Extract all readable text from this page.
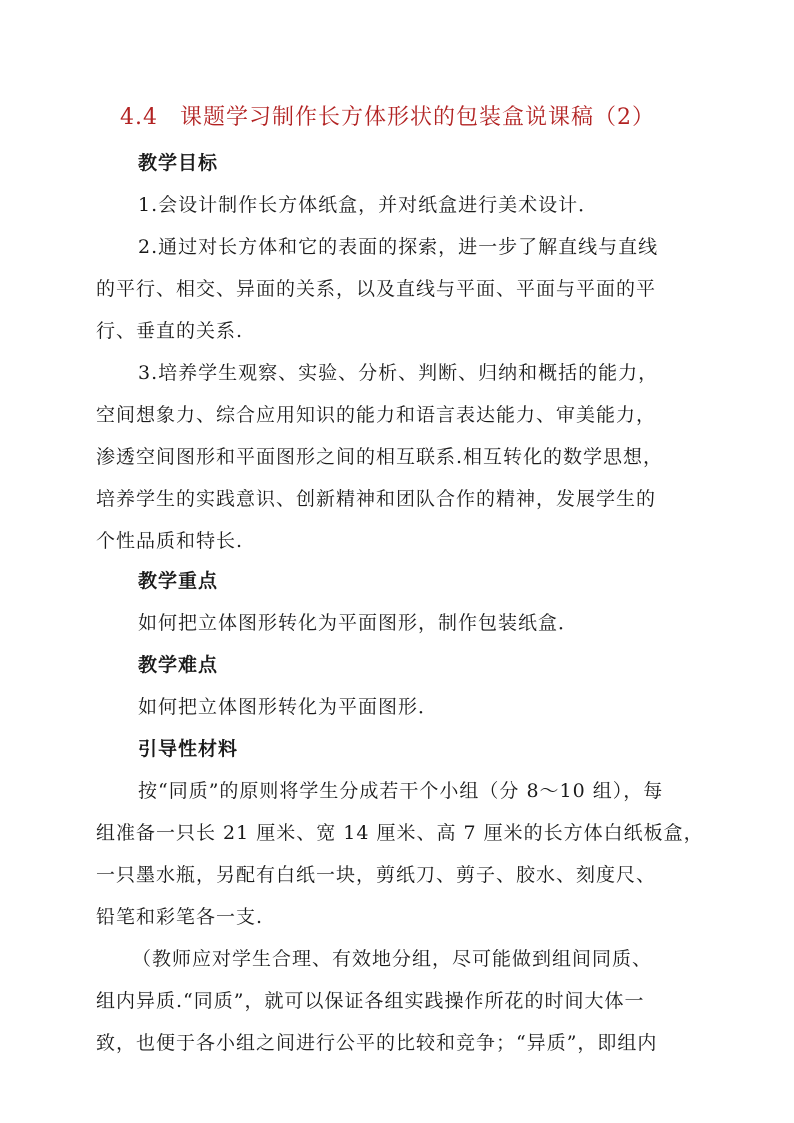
4.4 课题学习制作长方体形状的包装盒说课稿（2）
教学目标
1.会设计制作长方体纸盒，并对纸盒进行美术设计．
2.通过对长方体和它的表面的探索，进一步了解直线与直线
的平行、相交、异面的关系，以及直线与平面、平面与平面的平
行、垂直的关系.
3.培养学生观察、实验、分析、判断、归纳和概括的能力，
空间想象力、综合应用知识的能力和语言表达能力、审美能力，
渗透空间图形和平面图形之间的相互联系.相互转化的数学思想，
培养学生的实践意识、创新精神和团队合作的精神，发展学生的
个性品质和特长.
教学重点
如何把立体图形转化为平面图形，制作包装纸盒．
教学难点
如何把立体图形转化为平面图形．
引导性材料
按“同质”的原则将学生分成若干个小组（分 8～10 组），每
组准备一只长 21 厘米、宽 14 厘米、高 7 厘米的长方体白纸板盒，
一只墨水瓶，另配有白纸一块，剪纸刀、剪子、胶水、刻度尺、
铅笔和彩笔各一支.
（教师应对学生合理、有效地分组，尽可能做到组间同质、
组内异质.“同质”，就可以保证各组实践操作所花的时间大体一
致，也便于各小组之间进行公平的比较和竞争；“异质”，即组内
